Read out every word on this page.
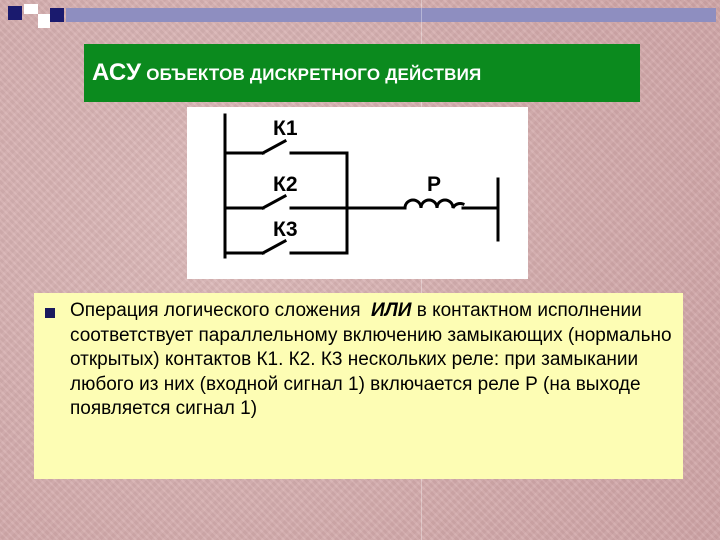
АСУ ОБЪЕКТОВ ДИСКРЕТНОГО ДЕЙСТВИЯ
К1
К2
К3
Р
Операция логического сложения ИЛИ в контактном исполнении соответствует параллельному включению замыкающих (нормально открытых) контактов К1. К2. К3 нескольких реле: при замыкании любого из них (входной сигнал 1) включается реле Р (на выходе появляется сигнал 1)
